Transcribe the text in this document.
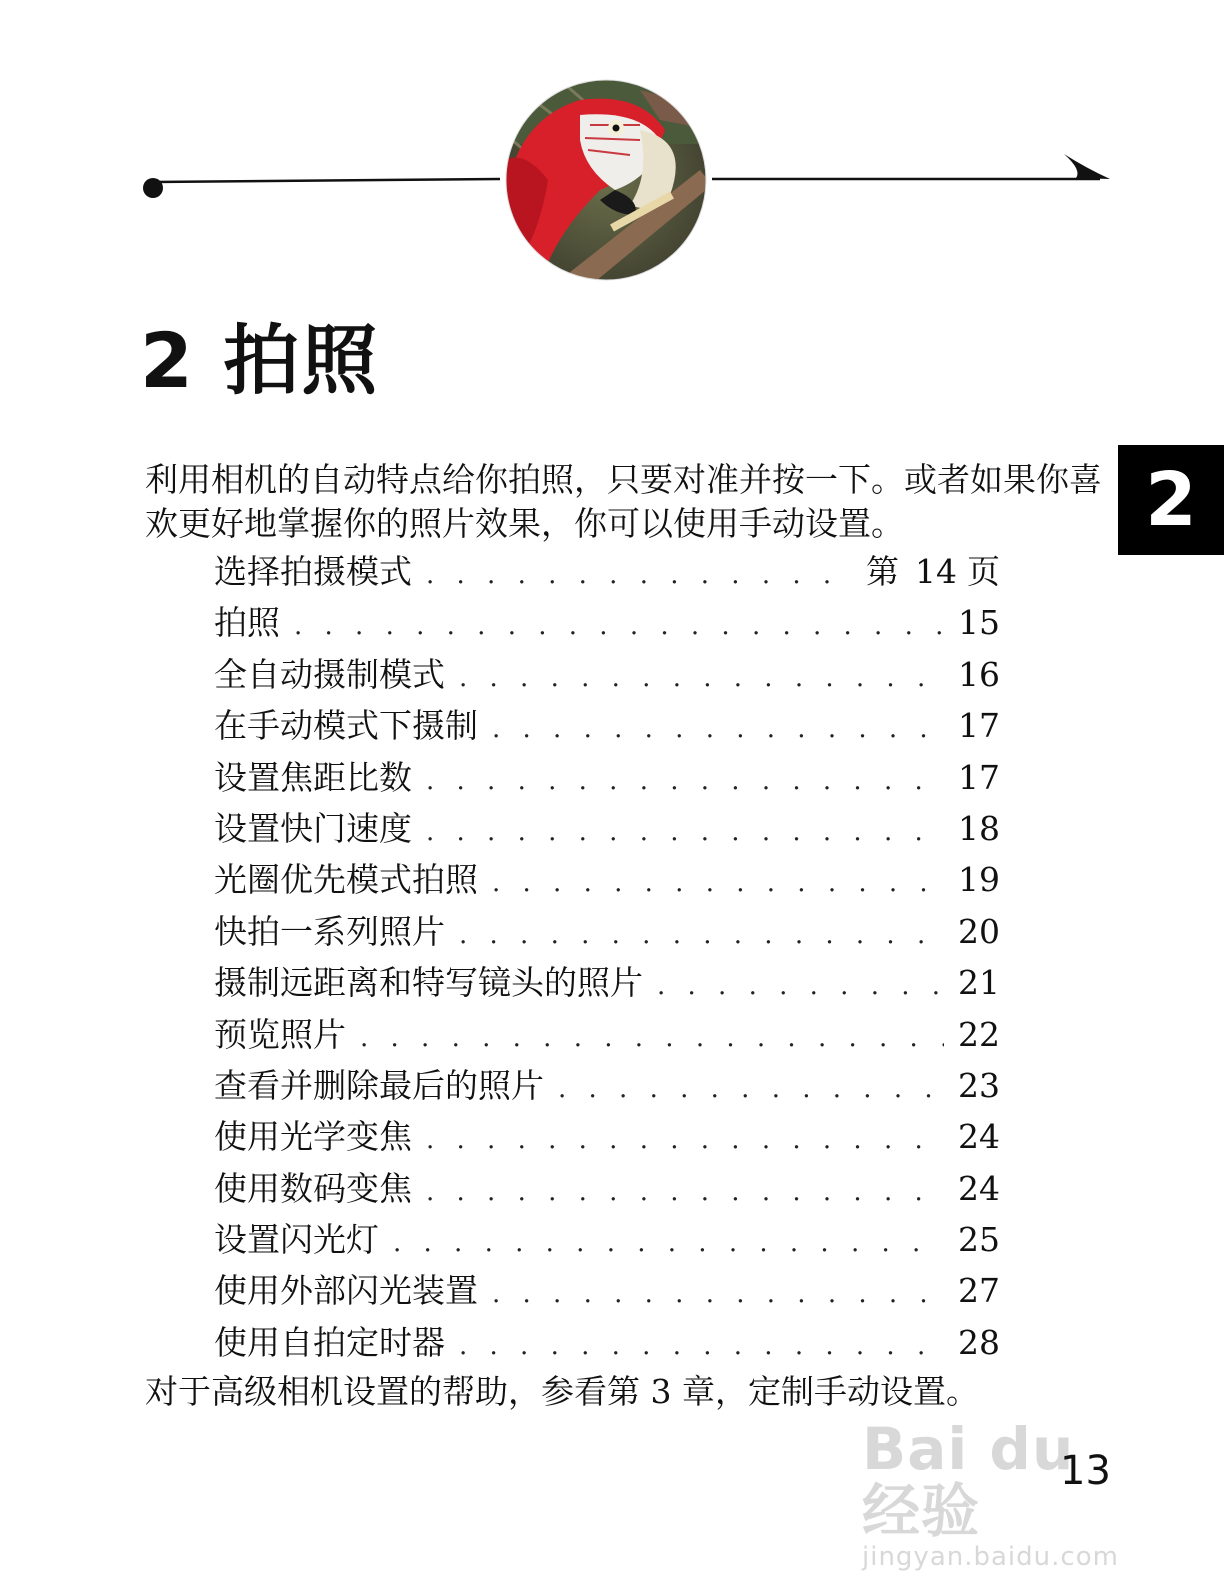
2 拍照
2

利用相机的自动特点给你拍照，只要对准并按一下。或者如果你喜欢更好地掌握你的照片效果，你可以使用手动设置。

选择拍摄模式 . . .	第 14 页
拍照 . . .	15
全自动摄制模式 . . .	16
在手动模式下摄制 . . .	17
设置焦距比数 . . .	17
设置快门速度 . . .	18
光圈优先模式拍照 . . .	19
快拍一系列照片 . . .	20
摄制远距离和特写镜头的照片 . . .	21
预览照片 . . .	22
查看并删除最后的照片 . . .	23
使用光学变焦 . . .	24
使用数码变焦 . . .	24
设置闪光灯 . . .	25
使用外部闪光装置 . . .	27
使用自拍定时器 . . .	28

对于高级相机设置的帮助，参看第 3 章，定制手动设置。

Bai du 经验
jingyan.baidu.com
13
